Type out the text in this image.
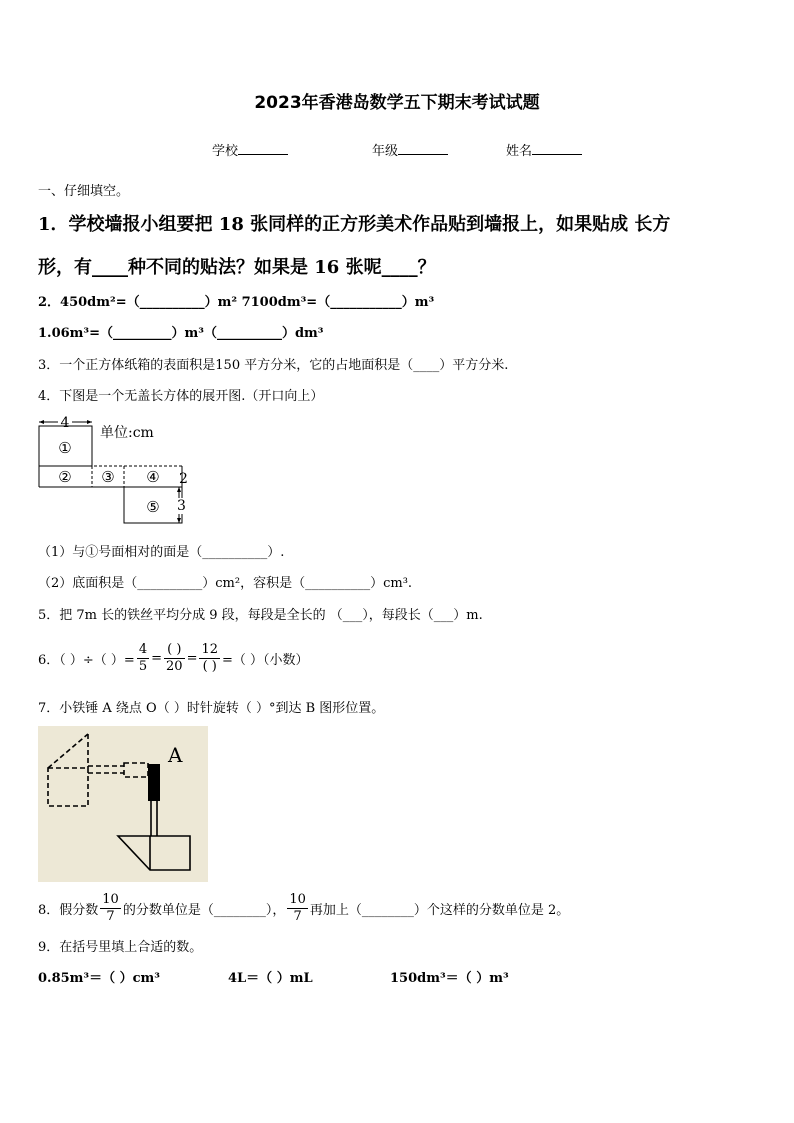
2023年香港岛数学五下期末考试试题
学校	年级	姓名
一、仔细填空。
1．学校墙报小组要把 18 张同样的正方形美术作品贴到墙报上，如果贴成 长方
形，有____种不同的贴法？如果是 16 张呢____？
2．450dm²=（__________）m² 7100dm³=（___________）m³
1.06m³=（_________）m³（__________）dm³
3．一个正方体纸箱的表面积是150 平方分米，它的占地面积是（____）平方分米.
4．下图是一个无盖长方体的展开图.（开口向上）
4
单位:cm
①
② ③ ④
⑤
2
3
（1）与①号面相对的面是（__________）.
（2）底面积是（__________）cm²，容积是（__________）cm³.
5．把 7m 长的铁丝平均分成 9 段，每段是全长的 （___），每段长（___）m.
6．（ ）÷（ ）= $\frac{4}{5} = \frac{( )}{20} = \frac{12}{( )}$ =（ ）（小数）
7．小铁锤 A 绕点 O（ ）时针旋转（ ）°到达 B 图形位置。
A
8．假分数 $\frac{10}{7}$ 的分数单位是（________）， $\frac{10}{7}$ 再加上（________）个这样的分数单位是 2。
9．在括号里填上合适的数。
0.85m³＝（ ）cm³	4L＝（ ）mL	150dm³＝（ ）m³
